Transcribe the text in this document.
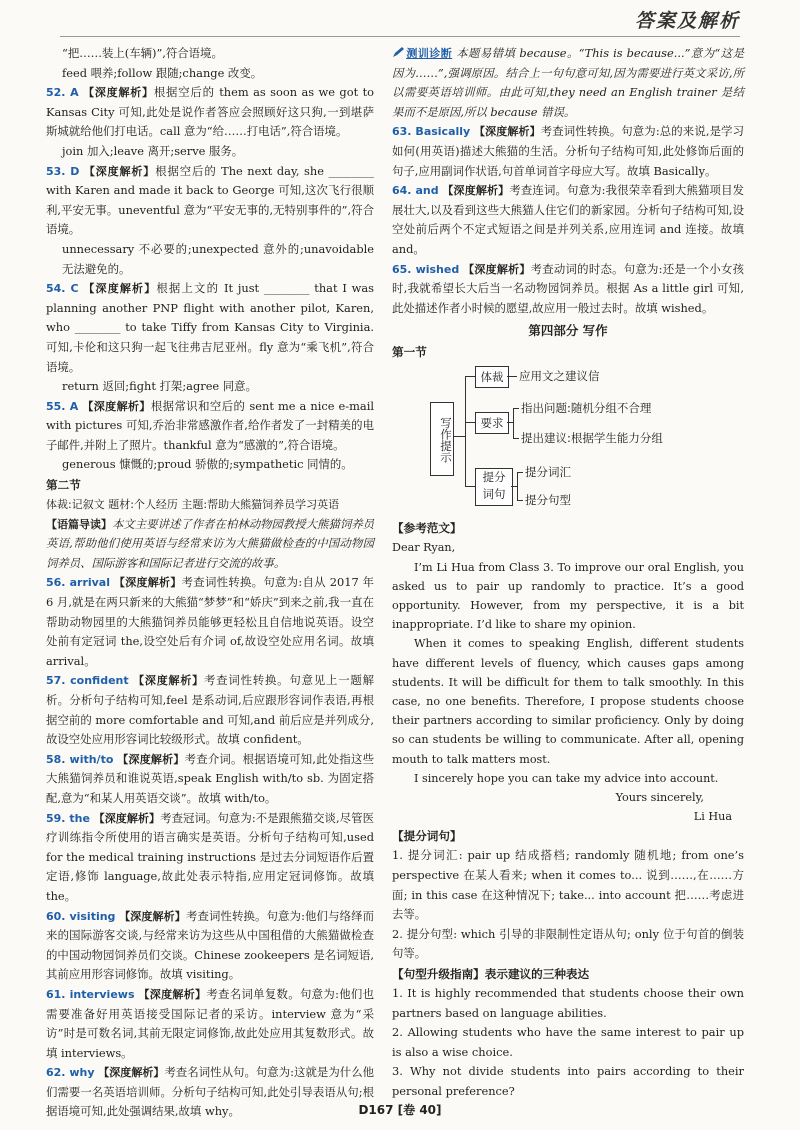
答案及解析

“把……装上(车辆)”,符合语境。

feed 喂养;follow 跟随;change 改变。

52. A 【深度解析】根据空后的 them as soon as we got to Kansas City 可知,此处是说作者答应会照顾好这只狗,一到堪萨斯城就给他们打电话。call 意为“给……打电话”,符合语境。

join 加入;leave 离开;serve 服务。

53. D 【深度解析】根据空后的 The next day, she ________ with Karen and made it back to George 可知,这次飞行很顺利,平安无事。uneventful 意为“平安无事的,无特别事件的”,符合语境。

unnecessary 不必要的;unexpected 意外的;unavoidable 无法避免的。

54. C 【深度解析】根据上文的 It just ________ that I was planning another PNP flight with another pilot, Karen, who ________ to take Tiffy from Kansas City to Virginia. 可知,卡伦和这只狗一起飞往弗吉尼亚州。fly 意为“乘飞机”,符合语境。

return 返回;fight 打架;agree 同意。

55. A 【深度解析】根据常识和空后的 sent me a nice e-mail with pictures 可知,乔治非常感激作者,给作者发了一封精美的电子邮件,并附上了照片。thankful 意为“感激的”,符合语境。

generous 慷慨的;proud 骄傲的;sympathetic 同情的。

第二节

体裁:记叙文 题材:个人经历 主题:帮助大熊猫饲养员学习英语

【语篇导读】本文主要讲述了作者在柏林动物园教授大熊猫饲养员英语,帮助他们使用英语与经常来访为大熊猫做检查的中国动物园饲养员、国际游客和国际记者进行交流的故事。

56. arrival 【深度解析】考查词性转换。句意为:自从 2017 年 6 月,就是在两只新来的大熊猫“梦梦”和“娇庆”到来之前,我一直在帮助动物园里的大熊猫饲养员能够更轻松且自信地说英语。设空处前有定冠词 the,设空处后有介词 of,故设空处应用名词。故填 arrival。

57. confident 【深度解析】考查词性转换。句意见上一题解析。分析句子结构可知,feel 是系动词,后应跟形容词作表语,再根据空前的 more comfortable and 可知,and 前后应是并列成分,故设空处应用形容词比较级形式。故填 confident。

58. with/to 【深度解析】考查介词。根据语境可知,此处指这些大熊猫饲养员和谁说英语,speak English with/to sb. 为固定搭配,意为“和某人用英语交谈”。故填 with/to。

59. the 【深度解析】考查冠词。句意为:不是跟熊猫交谈,尽管医疗训练指令所使用的语言确实是英语。分析句子结构可知,used for the medical training instructions 是过去分词短语作后置定语,修饰 language,故此处表示特指,应用定冠词修饰。故填 the。

60. visiting 【深度解析】考查词性转换。句意为:他们与络绎而来的国际游客交谈,与经常来访为这些从中国租借的大熊猫做检查的中国动物园饲养员们交谈。Chinese zookeepers 是名词短语,其前应用形容词修饰。故填 visiting。

61. interviews 【深度解析】考查名词单复数。句意为:他们也需要准备好用英语接受国际记者的采访。interview 意为“采访”时是可数名词,其前无限定词修饰,故此处应用其复数形式。故填 interviews。

62. why 【深度解析】考查名词性从句。句意为:这就是为什么他们需要一名英语培训师。分析句子结构可知,此处引导表语从句;根据语境可知,此处强调结果,故填 why。

测训诊断 本题易错填 because。“This is because...”意为“这是因为……”,强调原因。结合上一句句意可知,因为需要进行英文采访,所以需要英语培训师。由此可知,they need an English trainer 是结果而不是原因,所以 because 错误。

63. Basically 【深度解析】考查词性转换。句意为:总的来说,是学习如何(用英语)描述大熊猫的生活。分析句子结构可知,此处修饰后面的句子,应用副词作状语,句首单词首字母应大写。故填 Basically。

64. and 【深度解析】考查连词。句意为:我很荣幸看到大熊猫项目发展壮大,以及看到这些大熊猫人住它们的新家园。分析句子结构可知,设空处前后两个不定式短语之间是并列关系,应用连词 and 连接。故填 and。

65. wished 【深度解析】考查动词的时态。句意为:还是一个小女孩时,我就希望长大后当一名动物园饲养员。根据 As a little girl 可知,此处描述作者小时候的愿望,故应用一般过去时。故填 wished。

第四部分 写作

第一节

写作提示
体裁	应用文之建议信
要求
指出问题:随机分组不合理
提出建议:根据学生能力分组
提分词句
提分词汇
提分句型

【参考范文】

Dear Ryan,

I’m Li Hua from Class 3. To improve our oral English, you asked us to pair up randomly to practice. It’s a good opportunity. However, from my perspective, it is a bit inappropriate. I’d like to share my opinion.

When it comes to speaking English, different students have different levels of fluency, which causes gaps among students. It will be difficult for them to talk smoothly. In this case, no one benefits. Therefore, I propose students choose their partners according to similar proficiency. Only by doing so can students be willing to communicate. After all, opening mouth to talk matters most.

I sincerely hope you can take my advice into account.

Yours sincerely,

Li Hua

【提分词句】

1. 提分词汇: pair up 结成搭档; randomly 随机地; from one’s perspective 在某人看来; when it comes to... 说到……,在……方面; in this case 在这种情况下; take... into account 把……考虑进去等。

2. 提分句型: which 引导的非限制性定语从句; only 位于句首的倒装句等。

【句型升级指南】表示建议的三种表达

1. It is highly recommended that students choose their own partners based on language abilities.

2. Allowing students who have the same interest to pair up is also a wise choice.

3. Why not divide students into pairs according to their personal preference?

D167 [卷 40]
